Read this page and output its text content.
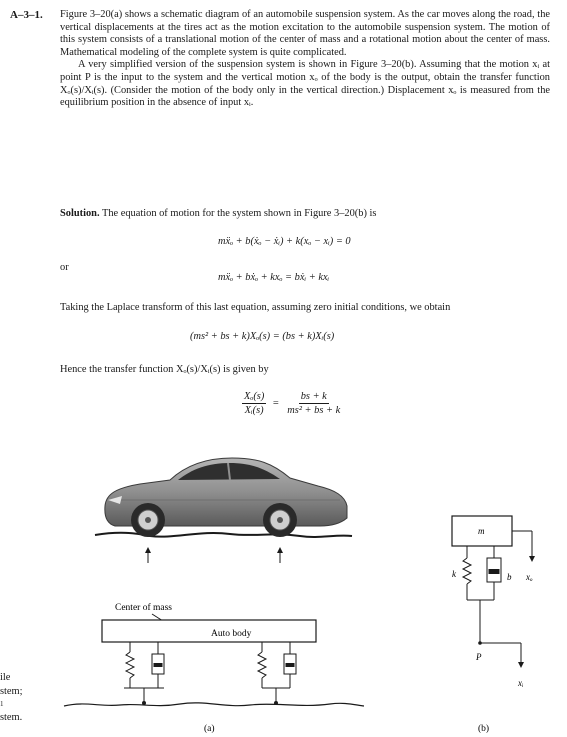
A–3–1. Figure 3–20(a) shows a schematic diagram of an automobile suspension system. As the car moves along the road, the vertical displacements at the tires act as the motion excitation to the automobile suspension system. The motion of this system consists of a translational motion of the center of mass and a rotational motion about the center of mass. Mathematical modeling of the complete system is quite complicated.

A very simplified version of the suspension system is shown in Figure 3–20(b). Assuming that the motion xᵢ at point P is the input to the system and the vertical motion xₒ of the body is the output, obtain the transfer function Xₒ(s)/Xᵢ(s). (Consider the motion of the body only in the vertical direction.) Displacement xₒ is measured from the equilibrium position in the absence of input xᵢ.

Solution. The equation of motion for the system shown in Figure 3–20(b) is
mẍₒ + b(ẋₒ − ẋᵢ) + k(xₒ − xᵢ) = 0
or
mẍₒ + bẋₒ + kxₒ = bẋᵢ + kxᵢ
Taking the Laplace transform of this last equation, assuming zero initial conditions, we obtain
(ms² + bs + k)Xₒ(s) = (bs + k)Xᵢ(s)
Hence the transfer function Xₒ(s)/Xᵢ(s) is given by
$\frac{\text{Xₒ(s)}}{\text{Xᵢ(s)}} = \frac{bs + k}{\text{ms² + bs + k}}$
ile
stem;
1
stem.
Center of mass
Auto body
(a)
m
xₒ
k	b
P
xᵢ
(b)
